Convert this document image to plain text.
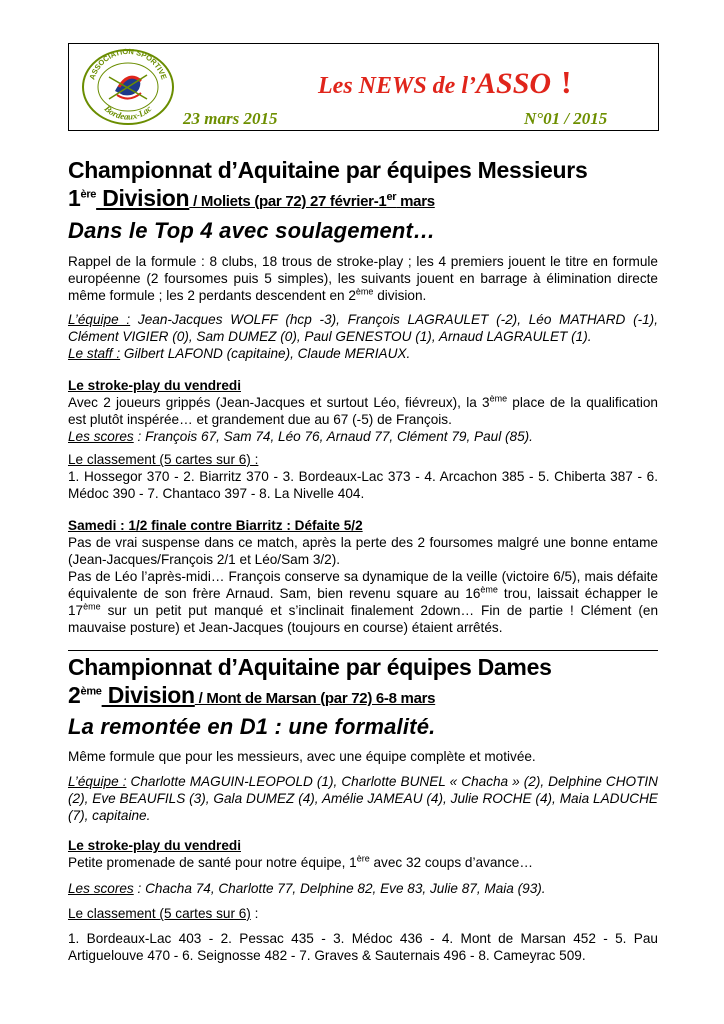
ASSOCIATION SPORTIVE
Bordeaux-Lac
Les NEWS de l’ASSO !
23 mars 2015	N°01 / 2015
Championnat d’Aquitaine par équipes Messieurs
1ère Division / Moliets (par 72) 27 février-1er mars
Dans le Top 4 avec soulagement…
Rappel de la formule : 8 clubs, 18 trous de stroke-play ; les 4 premiers jouent le titre en formule européenne (2 foursomes puis 5 simples), les suivants jouent en barrage à élimination directe même formule ; les 2 perdants descendent en 2ème division.
L’équipe : Jean-Jacques WOLFF (hcp -3), François LAGRAULET (-2), Léo MATHARD (-1), Clément VIGIER (0), Sam DUMEZ (0), Paul GENESTOU (1), Arnaud LAGRAULET (1).
Le staff : Gilbert LAFOND (capitaine), Claude MERIAUX.
Le stroke-play du vendredi
Avec 2 joueurs grippés (Jean-Jacques et surtout Léo, fiévreux), la 3ème place de la qualification est plutôt inspérée… et grandement due au 67 (-5) de François.
Les scores : François 67, Sam 74, Léo 76, Arnaud 77, Clément 79, Paul (85).
Le classement (5 cartes sur 6) :
1. Hossegor 370 - 2. Biarritz 370 - 3. Bordeaux-Lac 373 - 4. Arcachon 385 - 5. Chiberta 387 - 6. Médoc 390 - 7. Chantaco 397 - 8. La Nivelle 404.
Samedi : 1/2 finale contre Biarritz : Défaite 5/2
Pas de vrai suspense dans ce match, après la perte des 2 foursomes malgré une bonne entame (Jean-Jacques/François 2/1 et Léo/Sam 3/2).
Pas de Léo l’après-midi… François conserve sa dynamique de la veille (victoire 6/5), mais défaite équivalente de son frère Arnaud. Sam, bien revenu square au 16ème trou, laissait échapper le 17ème sur un petit put manqué et s’inclinait finalement 2down… Fin de partie ! Clément (en mauvaise posture) et Jean-Jacques (toujours en course) étaient arrêtés.
Championnat d’Aquitaine par équipes Dames
2ème Division / Mont de Marsan (par 72) 6-8 mars
La remontée en D1 : une formalité.
Même formule que pour les messieurs, avec une équipe complète et motivée.
L’équipe : Charlotte MAGUIN-LEOPOLD (1), Charlotte BUNEL « Chacha » (2), Delphine CHOTIN (2), Eve BEAUFILS (3), Gala DUMEZ (4), Amélie JAMEAU (4), Julie ROCHE (4), Maia LADUCHE (7), capitaine.
Le stroke-play du vendredi
Petite promenade de santé pour notre équipe, 1ère avec 32 coups d’avance…
Les scores : Chacha 74, Charlotte 77, Delphine 82, Eve 83, Julie 87, Maia (93).
Le classement (5 cartes sur 6) :
1. Bordeaux-Lac 403 - 2. Pessac 435 - 3. Médoc 436 - 4. Mont de Marsan 452 - 5. Pau Artiguelouve 470 - 6. Seignosse 482 - 7. Graves & Sauternais 496 - 8. Cameyrac 509.
